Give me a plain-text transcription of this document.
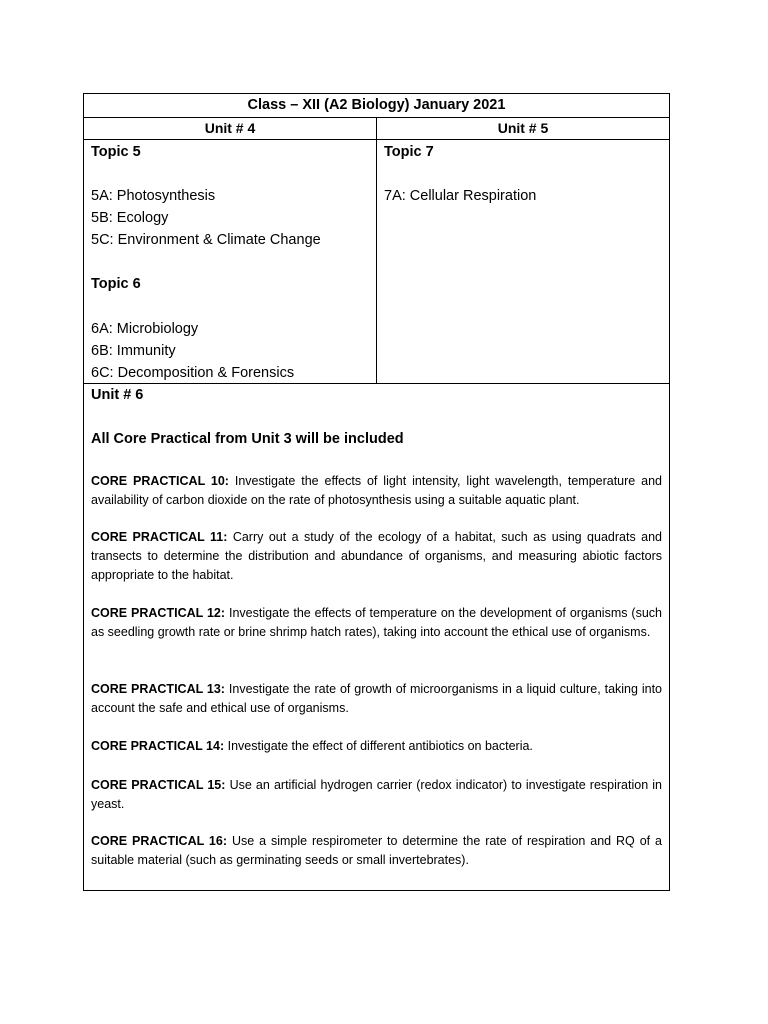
Class – XII (A2 Biology) January 2021
Unit # 4	Unit # 5
Topic 5
5A: Photosynthesis
5B: Ecology
5C: Environment & Climate Change
Topic 6
6A: Microbiology
6B: Immunity
6C: Decomposition & Forensics
Topic 7
7A: Cellular Respiration
Unit # 6
All Core Practical from Unit 3 will be included
CORE PRACTICAL 10: Investigate the effects of light intensity, light wavelength, temperature and availability of carbon dioxide on the rate of photosynthesis using a suitable aquatic plant.
CORE PRACTICAL 11: Carry out a study of the ecology of a habitat, such as using quadrats and transects to determine the distribution and abundance of organisms, and measuring abiotic factors appropriate to the habitat.
CORE PRACTICAL 12: Investigate the effects of temperature on the development of organisms (such as seedling growth rate or brine shrimp hatch rates), taking into account the ethical use of organisms.
CORE PRACTICAL 13: Investigate the rate of growth of microorganisms in a liquid culture, taking into account the safe and ethical use of organisms.
CORE PRACTICAL 14: Investigate the effect of different antibiotics on bacteria.
CORE PRACTICAL 15: Use an artificial hydrogen carrier (redox indicator) to investigate respiration in yeast.
CORE PRACTICAL 16: Use a simple respirometer to determine the rate of respiration and RQ of a suitable material (such as germinating seeds or small invertebrates).
